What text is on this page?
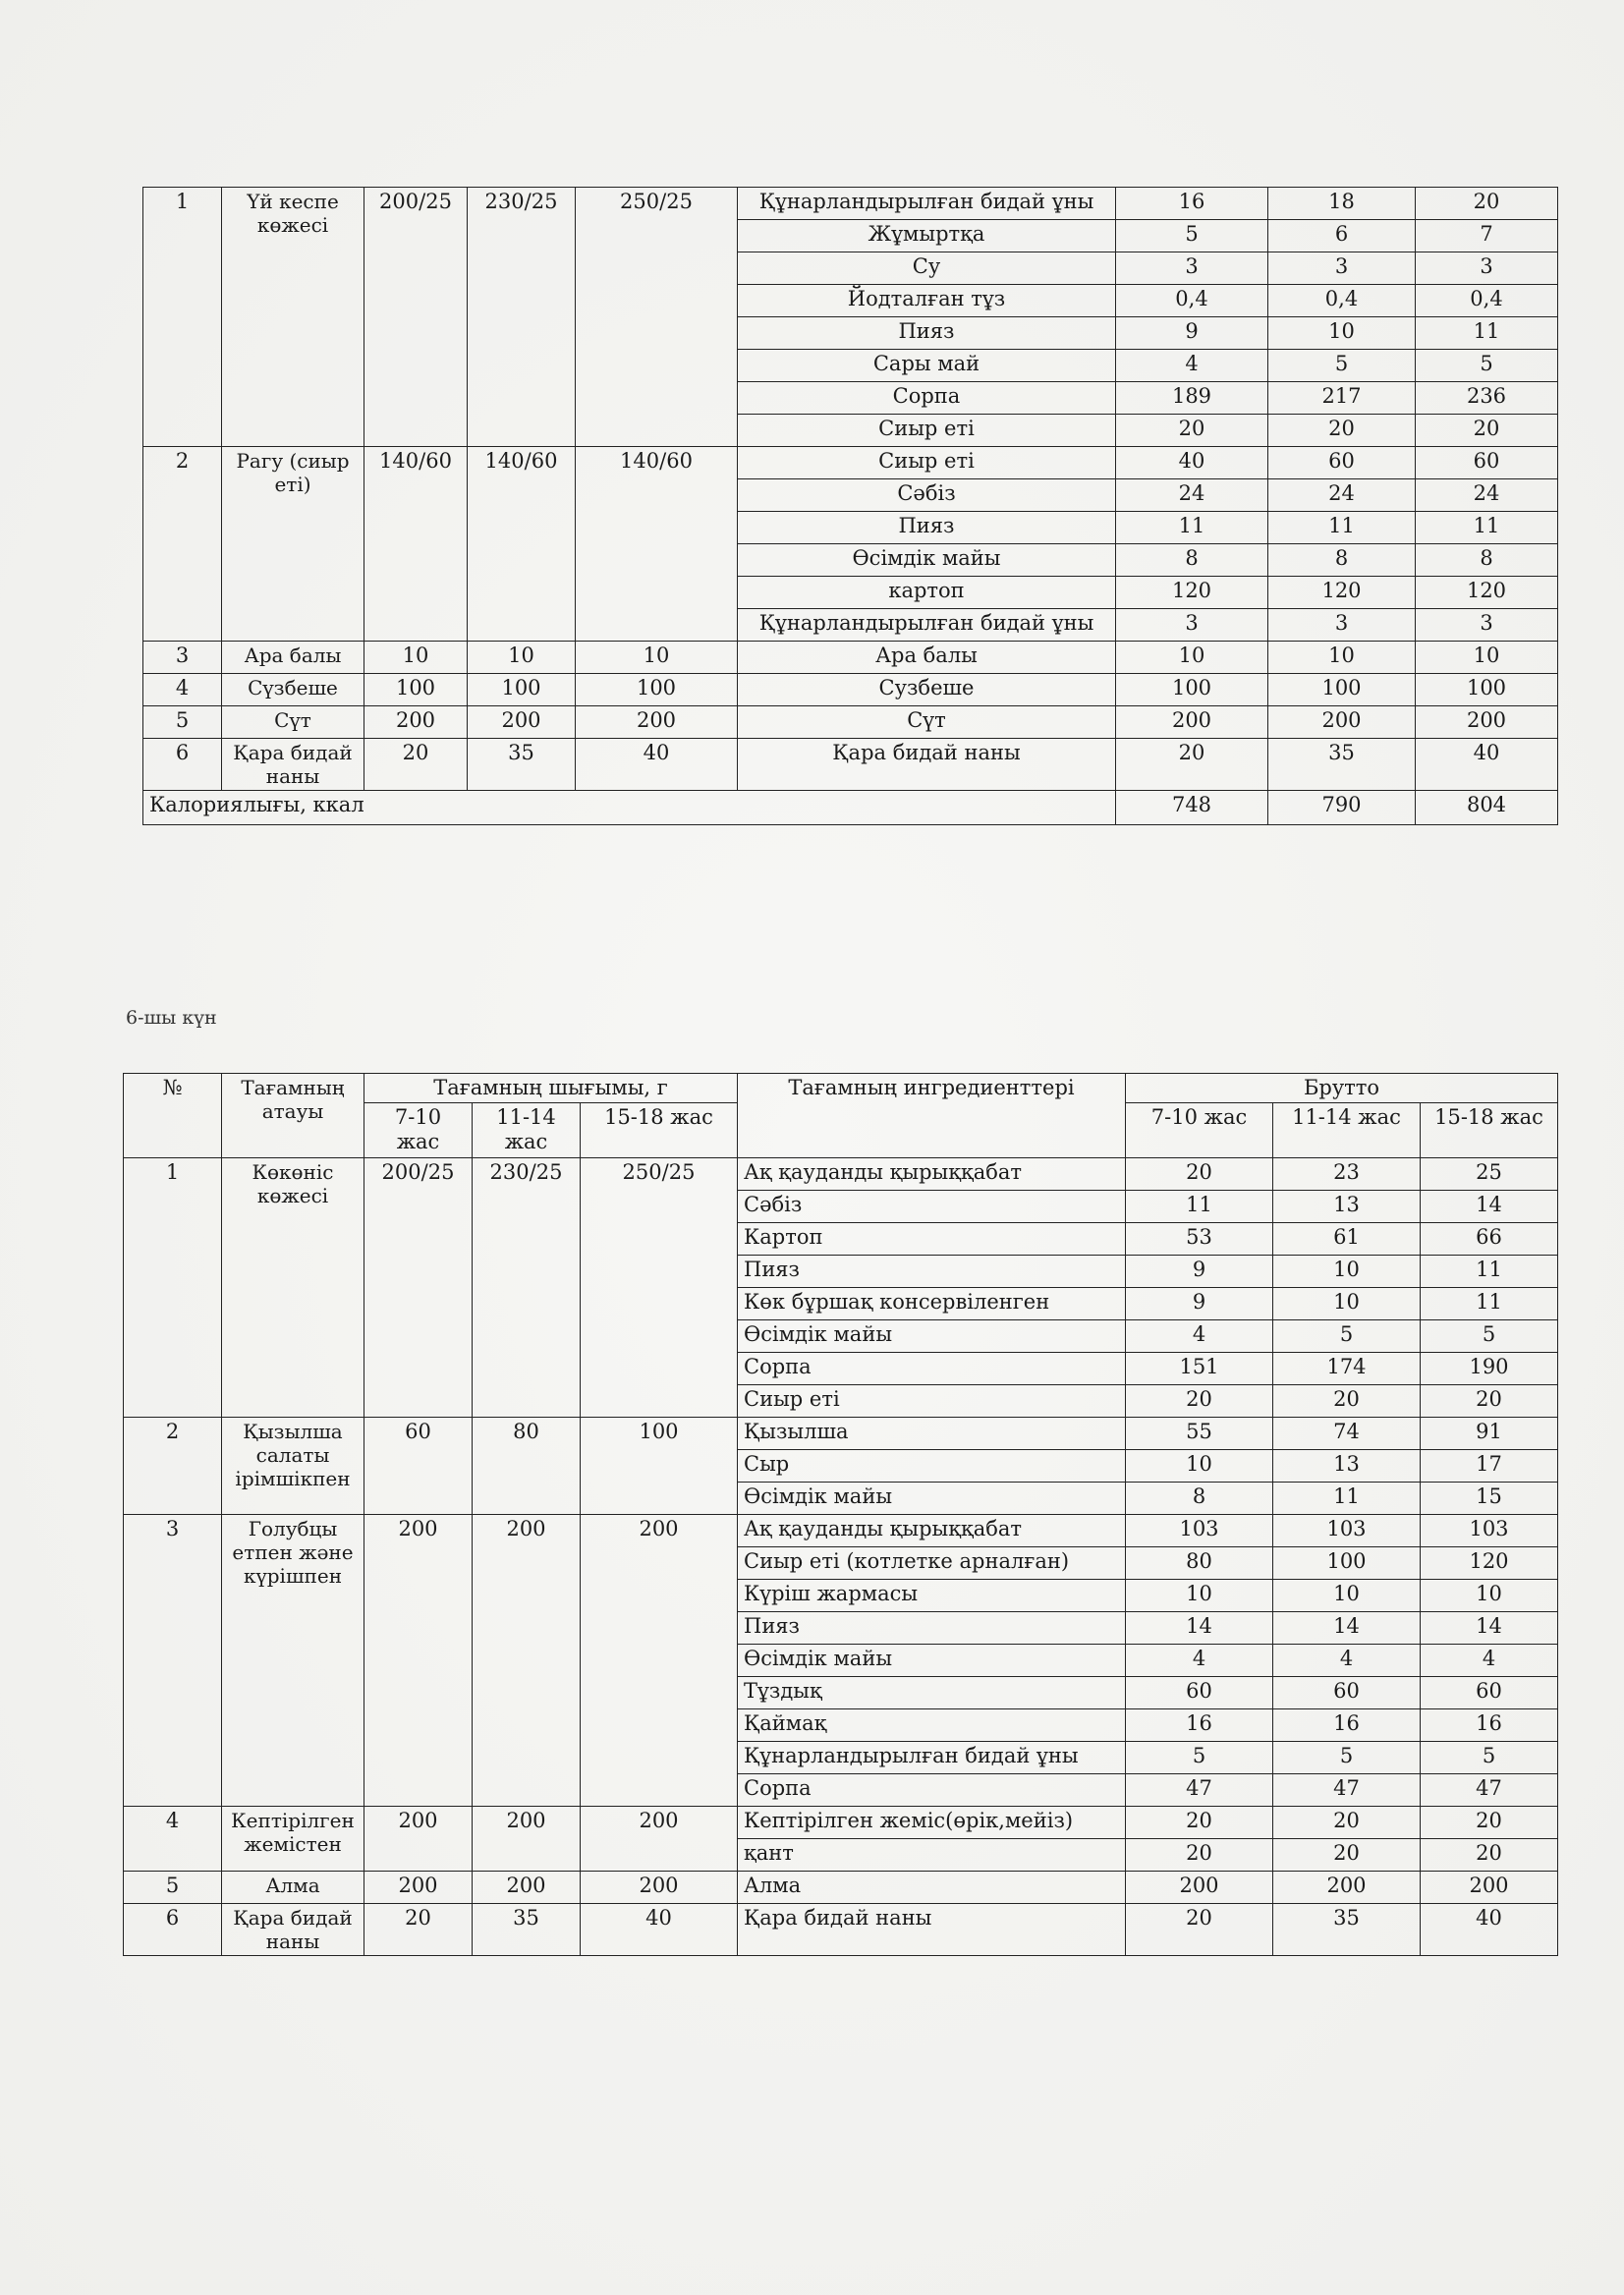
1	Үй кеспе көжесі	200/25	230/25	250/25	Құнарландырылған бидай ұны	16	18	20
					Жұмыртқа	5	6	7
					Су	3	3	3
					Йодталған тұз	0,4	0,4	0,4
					Пияз	9	10	11
					Сары май	4	5	5
					Сорпа	189	217	236
					Сиыр еті	20	20	20
2	Рагу (сиыр еті)	140/60	140/60	140/60	Сиыр еті	40	60	60
					Сәбіз	24	24	24
					Пияз	11	11	11
					Өсімдік майы	8	8	8
					картоп	120	120	120
					Құнарландырылған бидай ұны	3	3	3
3	Ара балы	10	10	10	Ара балы	10	10	10
4	Сүзбеше	100	100	100	Сузбеше	100	100	100
5	Сүт	200	200	200	Сүт	200	200	200
6	Қара бидай наны	20	35	40	Қара бидай наны	20	35	40
Калориялығы, ккал						748	790	804
6-шы күн
№	Тағамның атауы	Тағамның шығымы, г			Тағамның ингредиенттері	Брутто		
		7-10 жас	11-14 жас	15-18 жас		7-10 жас	11-14 жас	15-18 жас
1	Көкөніс көжесі	200/25	230/25	250/25	Ақ қауданды қырыққабат	20	23	25
					Сәбіз	11	13	14
					Картоп	53	61	66
					Пияз	9	10	11
					Көк бұршақ консервіленген	9	10	11
					Өсімдік майы	4	5	5
					Сорпа	151	174	190
					Сиыр еті	20	20	20
2	Қызылша салаты ірімшікпен	60	80	100	Қызылша	55	74	91
					Сыр	10	13	17
					Өсімдік майы	8	11	15
3	Голубцы етпен және күрішпен	200	200	200	Ақ қауданды қырыққабат	103	103	103
					Сиыр еті (котлетке арналған)	80	100	120
					Күріш жармасы	10	10	10
					Пияз	14	14	14
					Өсімдік майы	4	4	4
					Тұздық	60	60	60
					Қаймақ	16	16	16
					Құнарландырылған бидай ұны	5	5	5
					Сорпа	47	47	47
4	Кептірілген жемістен	200	200	200	Кептірілген жеміс(өрік,мейіз)	20	20	20
					қант	20	20	20
5	Алма	200	200	200	Алма	200	200	200
6	Қара бидай наны	20	35	40	Қара бидай наны	20	35	40
